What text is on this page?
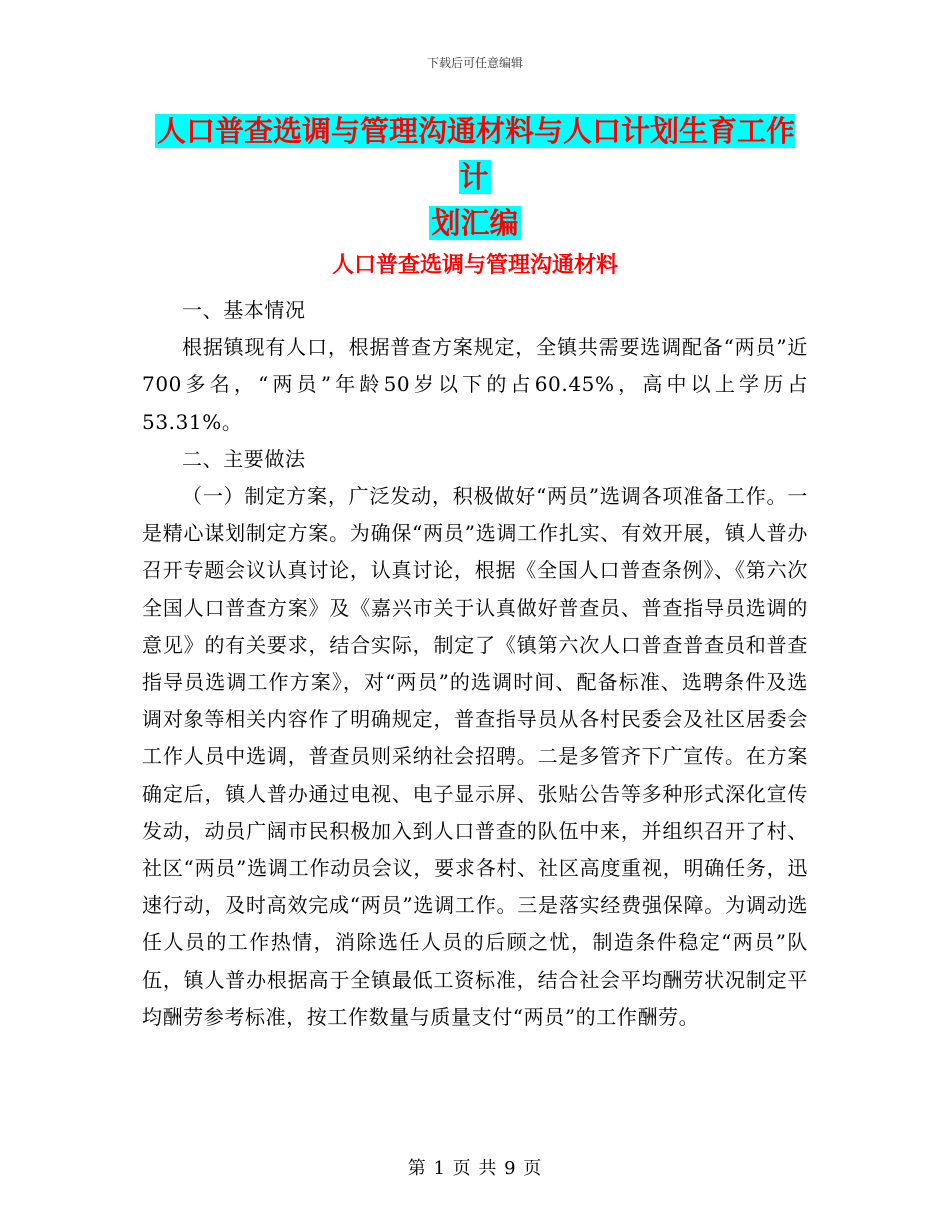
下载后可任意编辑
人口普查选调与管理沟通材料与人口计划生育工作计
划汇编
人口普查选调与管理沟通材料

一、基本情况

根据镇现有人口，根据普查方案规定，全镇共需要选调配备“两员”近700多名，“两员”年龄50岁以下的占60.45%，高中以上学历占53.31%。

二、主要做法

（一）制定方案，广泛发动，积极做好“两员”选调各项准备工作。一是精心谋划制定方案。为确保“两员”选调工作扎实、有效开展，镇人普办召开专题会议认真讨论，认真讨论，根据《全国人口普查条例》、《第六次全国人口普查方案》及《嘉兴市关于认真做好普查员、普查指导员选调的意见》的有关要求，结合实际，制定了《镇第六次人口普查普查员和普查指导员选调工作方案》，对“两员”的选调时间、配备标准、选聘条件及选调对象等相关内容作了明确规定，普查指导员从各村民委会及社区居委会工作人员中选调，普查员则采纳社会招聘。二是多管齐下广宣传。在方案确定后，镇人普办通过电视、电子显示屏、张贴公告等多种形式深化宣传发动，动员广阔市民积极加入到人口普查的队伍中来，并组织召开了村、社区“两员”选调工作动员会议，要求各村、社区高度重视，明确任务，迅速行动，及时高效完成“两员”选调工作。三是落实经费强保障。为调动选任人员的工作热情，消除选任人员的后顾之忧，制造条件稳定“两员”队伍，镇人普办根据高于全镇最低工资标准，结合社会平均酬劳状况制定平均酬劳参考标准，按工作数量与质量支付“两员”的工作酬劳。

第 1 页 共 9 页
